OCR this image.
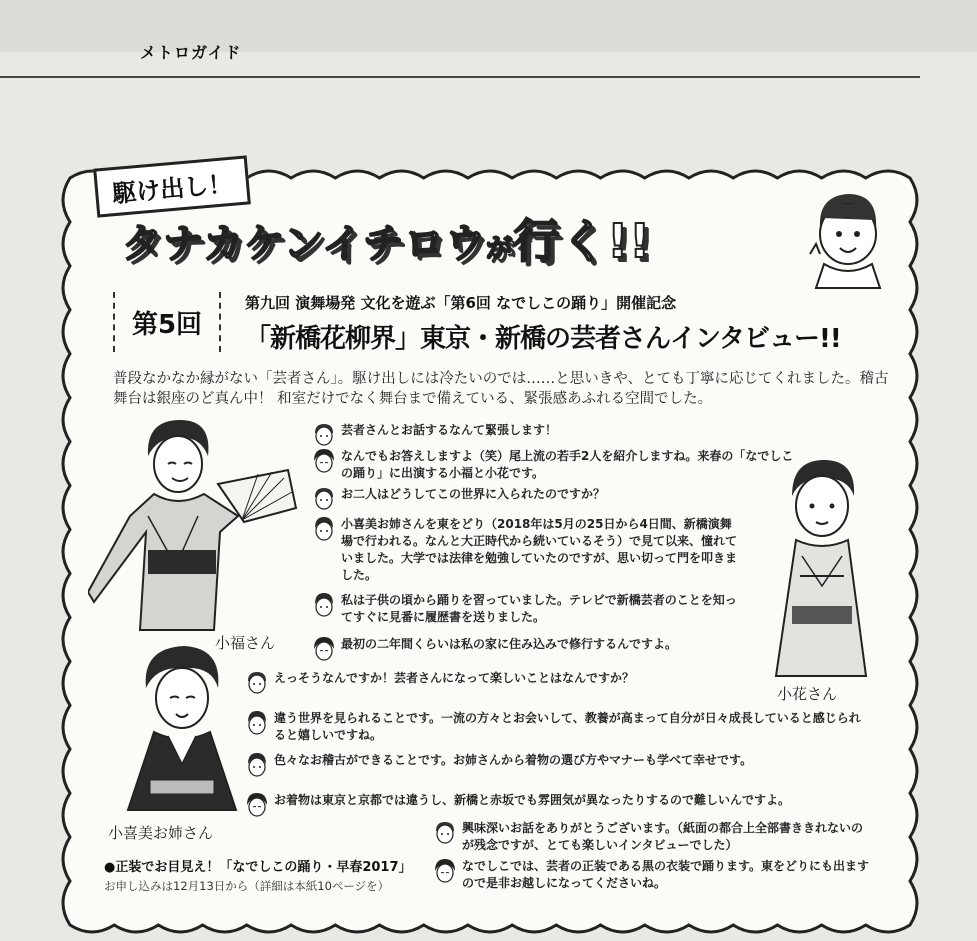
メトロガイド
駆け出し！
タナカケンイチロウが行く!!
第5回
第九回 演舞場発 文化を遊ぶ「第6回 なでしこの踊り」開催記念
「新橋花柳界」東京・新橋の芸者さんインタビュー!!
普段なかなか縁がない「芸者さん」。駆け出しには冷たいのでは……と思いきや、とても丁寧に応じてくれました。稽古舞台は銀座のど真ん中！ 和室だけでなく舞台まで備えている、緊張感あふれる空間でした。
小福さん
小花さん
小喜美お姉さん
芸者さんとお話するなんて緊張します！
なんでもお答えしますよ（笑）尾上流の若手2人を紹介しますね。来春の「なでしこの踊り」に出演する小福と小花です。
お二人はどうしてこの世界に入られたのですか？
小喜美お姉さんを東をどり（2018年は5月の25日から4日間、新橋演舞場で行われる。なんと大正時代から続いているそう）で見て以来、憧れていました。大学では法律を勉強していたのですが、思い切って門を叩きました。
私は子供の頃から踊りを習っていました。テレビで新橋芸者のことを知ってすぐに見番に履歴書を送りました。
最初の二年間くらいは私の家に住み込みで修行するんですよ。
えっそうなんですか！芸者さんになって楽しいことはなんですか？
違う世界を見られることです。一流の方々とお会いして、教養が高まって自分が日々成長していると感じられると嬉しいですね。
色々なお稽古ができることです。お姉さんから着物の選び方やマナーも学べて幸せです。
お着物は東京と京都では違うし、新橋と赤坂でも雰囲気が異なったりするので難しいんですよ。
興味深いお話をありがとうございます。（紙面の都合上全部書ききれないのが残念ですが、とても楽しいインタビューでした）
なでしこでは、芸者の正装である黒の衣装で踊ります。東をどりにも出ますので是非お越しになってくださいね。
●正装でお目見え！「なでしこの踊り・早春2017」
お申し込みは12月13日から（詳細は本紙10ページを）
